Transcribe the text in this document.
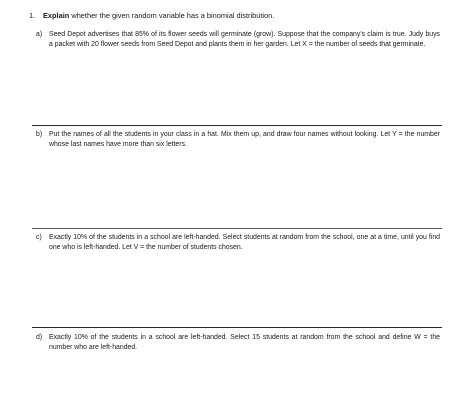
1. Explain whether the given random variable has a binomial distribution.
a) Seed Depot advertises that 85% of its flower seeds will germinate (grow). Suppose that the company's claim is true. Judy buys a packet with 20 flower seeds from Seed Depot and plants them in her garden. Let X = the number of seeds that germinate.
b) Put the names of all the students in your class in a hat. Mix them up, and draw four names without looking. Let Y = the number whose last names have more than six letters.
c) Exactly 10% of the students in a school are left-handed. Select students at random from the school, one at a time, until you find one who is left-handed. Let V = the number of students chosen.
d) Exactly 10% of the students in a school are left-handed. Select 15 students at random from the school and define W = the number who are left-handed.
